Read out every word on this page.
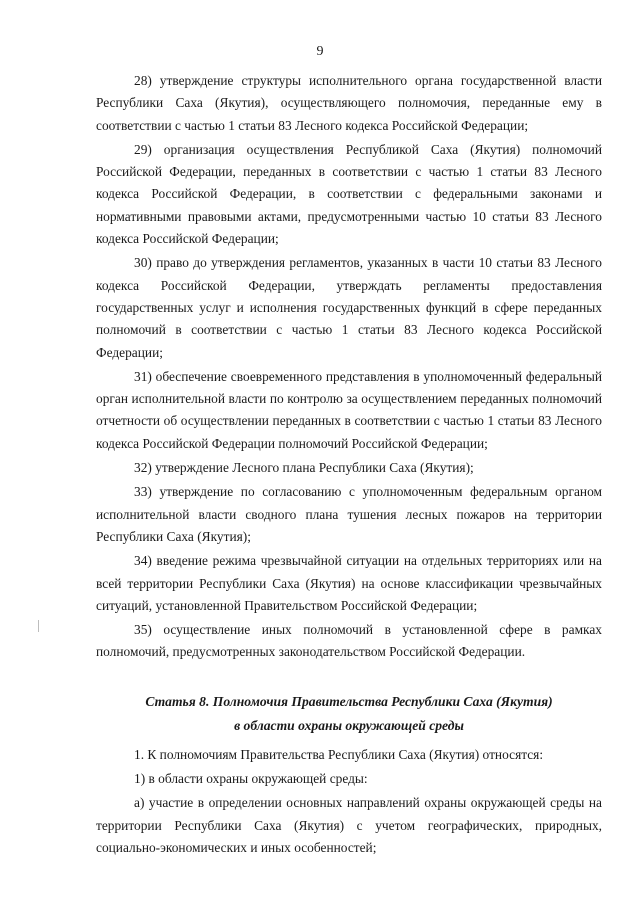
9

28) утверждение структуры исполнительного органа государственной власти Республики Саха (Якутия), осуществляющего полномочия, переданные ему в соответствии с частью 1 статьи 83 Лесного кодекса Российской Федерации;

29) организация осуществления Республикой Саха (Якутия) полномочий Российской Федерации, переданных в соответствии с частью 1 статьи 83 Лесного кодекса Российской Федерации, в соответствии с федеральными законами и нормативными правовыми актами, предусмотренными частью 10 статьи 83 Лесного кодекса Российской Федерации;

30) право до утверждения регламентов, указанных в части 10 статьи 83 Лесного кодекса Российской Федерации, утверждать регламенты предоставления государственных услуг и исполнения государственных функций в сфере переданных полномочий в соответствии с частью 1 статьи 83 Лесного кодекса Российской Федерации;

31) обеспечение своевременного представления в уполномоченный федеральный орган исполнительной власти по контролю за осуществлением переданных полномочий отчетности об осуществлении переданных в соответствии с частью 1 статьи 83 Лесного кодекса Российской Федерации полномочий Российской Федерации;

32) утверждение Лесного плана Республики Саха (Якутия);

33) утверждение по согласованию с уполномоченным федеральным органом исполнительной власти сводного плана тушения лесных пожаров на территории Республики Саха (Якутия);

34) введение режима чрезвычайной ситуации на отдельных территориях или на всей территории Республики Саха (Якутия) на основе классификации чрезвычайных ситуаций, установленной Правительством Российской Федерации;

35) осуществление иных полномочий в установленной сфере в рамках полномочий, предусмотренных законодательством Российской Федерации.

Статья 8. Полномочия Правительства Республики Саха (Якутия)

в области охраны окружающей среды

1. К полномочиям Правительства Республики Саха (Якутия) относятся:

1) в области охраны окружающей среды:

а) участие в определении основных направлений охраны окружающей среды на территории Республики Саха (Якутия) с учетом географических, природных, социально-экономических и иных особенностей;
